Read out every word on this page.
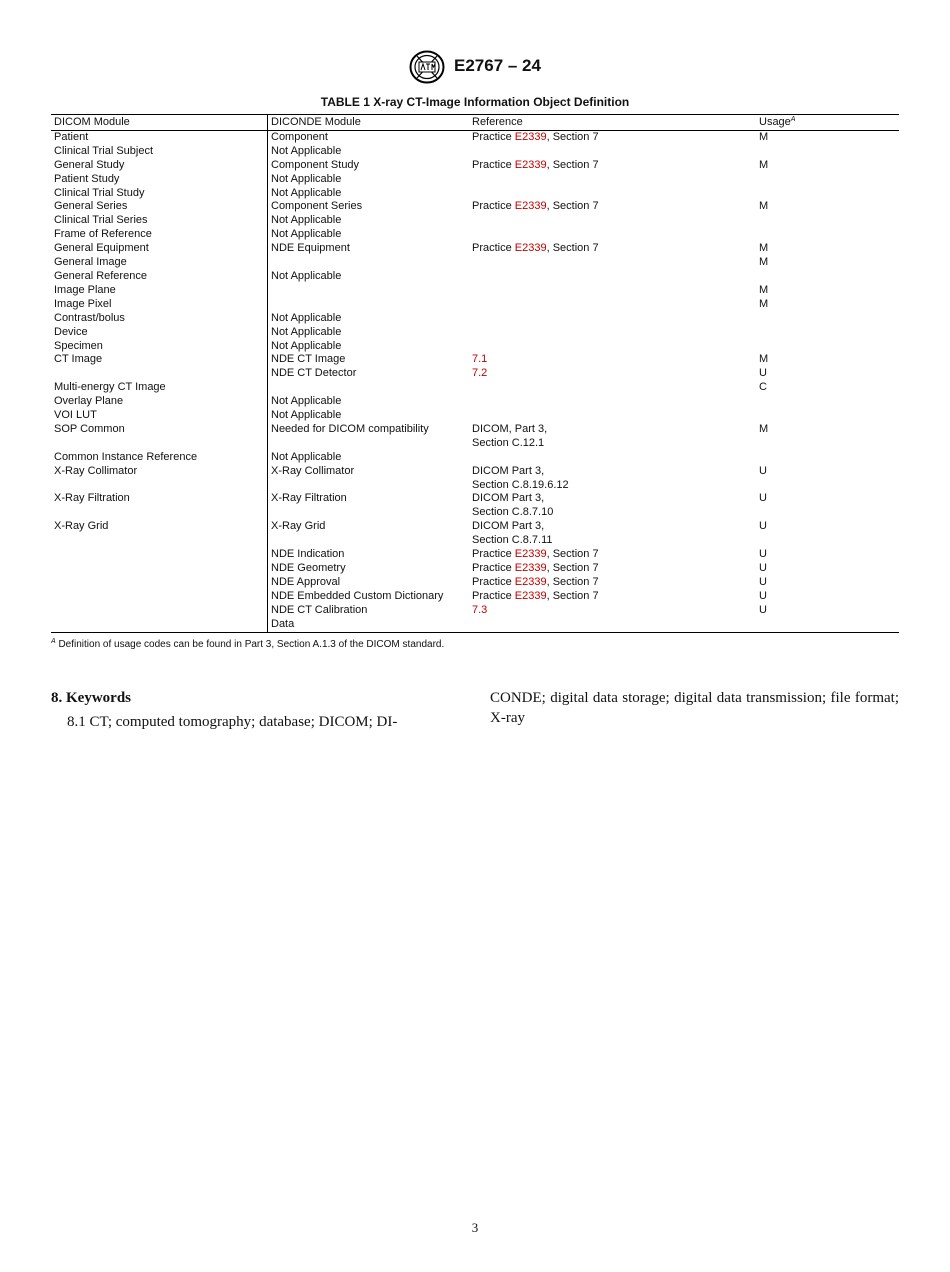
E2767 – 24
TABLE 1 X-ray CT-Image Information Object Definition
DICOM Module	DICONDE Module	Reference	Usage$^A$
Patient	Component	Practice E2339, Section 7	M
Clinical Trial Subject	Not Applicable		
General Study	Component Study	Practice E2339, Section 7	M
Patient Study	Not Applicable		
Clinical Trial Study	Not Applicable		
General Series	Component Series	Practice E2339, Section 7	M
Clinical Trial Series	Not Applicable		
Frame of Reference	Not Applicable		
General Equipment	NDE Equipment	Practice E2339, Section 7	M
General Image			M
General Reference	Not Applicable		
Image Plane			M
Image Pixel			M
Contrast/bolus	Not Applicable		
Device	Not Applicable		
Specimen	Not Applicable		
CT Image	NDE CT Image	7.1	M
	NDE CT Detector	7.2	U
Multi-energy CT Image			C
Overlay Plane	Not Applicable		
VOI LUT	Not Applicable		
SOP Common	Needed for DICOM compatibility	DICOM, Part 3,	M
		Section C.12.1	
Common Instance Reference	Not Applicable		
X-Ray Collimator	X-Ray Collimator	DICOM Part 3,	U
		Section C.8.19.6.12	
X-Ray Filtration	X-Ray Filtration	DICOM Part 3,	U
		Section C.8.7.10	
X-Ray Grid	X-Ray Grid	DICOM Part 3,	U
		Section C.8.7.11	
	NDE Indication	Practice E2339, Section 7	U
	NDE Geometry	Practice E2339, Section 7	U
	NDE Approval	Practice E2339, Section 7	U
	NDE Embedded Custom Dictionary	Practice E2339, Section 7	U
	NDE CT Calibration	7.3	U
	Data		
$^A$ Definition of usage codes can be found in Part 3, Section A.1.3 of the DICOM standard.
8. Keywords

8.1 CT; computed tomography; database; DICOM; DI-

CONDE; digital data storage; digital data transmission; file format; X-ray

3
